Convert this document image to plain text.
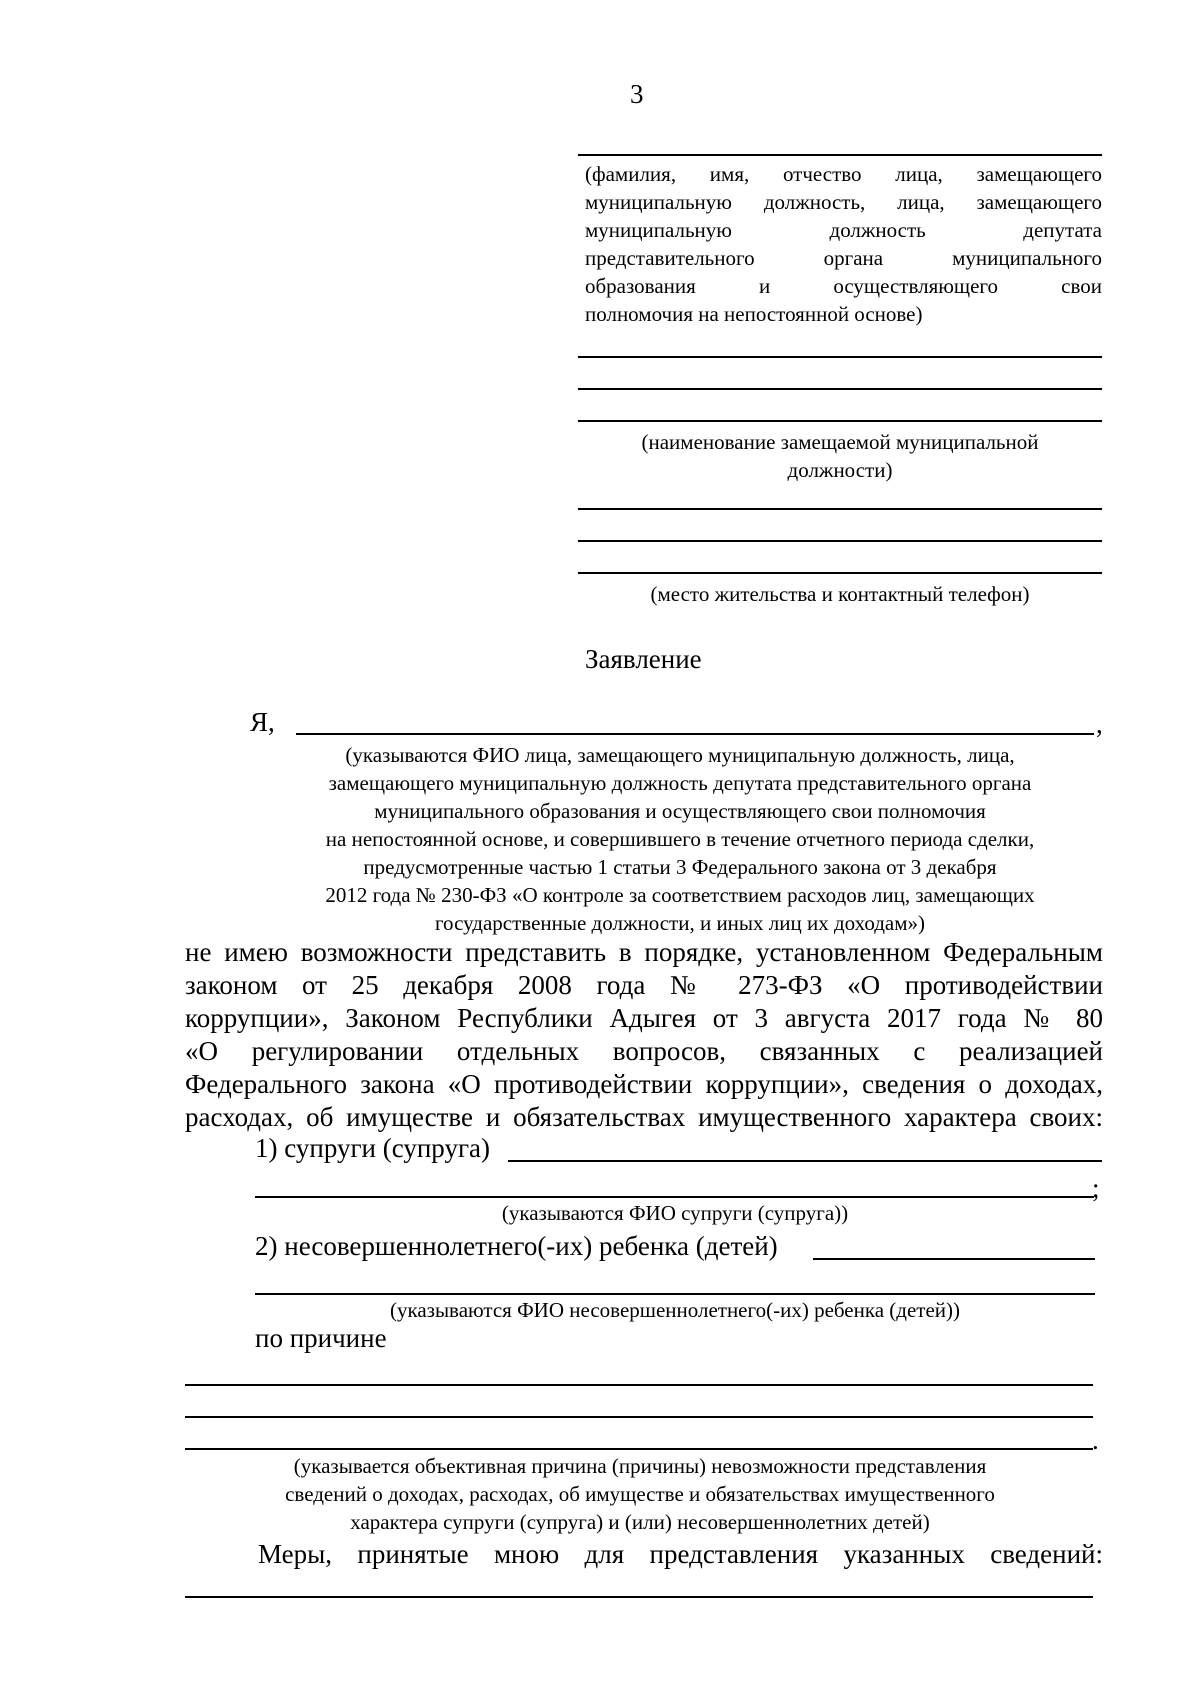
3
(фамилия, имя, отчество лица, замещающего
муниципальную должность, лица, замещающего
муниципальную должность депутата
представительного органа муниципального
образования и осуществляющего свои
полномочия на непостоянной основе)
(наименование замещаемой муниципальной
должности)
(место жительства и контактный телефон)
Заявление
Я,	,
(указываются ФИО лица, замещающего муниципальную должность, лица,
замещающего муниципальную должность депутата представительного органа
муниципального образования и осуществляющего свои полномочия
на непостоянной основе, и совершившего в течение отчетного периода сделки,
предусмотренные частью 1 статьи 3 Федерального закона от 3 декабря
2012 года № 230-ФЗ «О контроле за соответствием расходов лиц, замещающих
государственные должности, и иных лиц их доходам»)
не имею возможности представить в порядке, установленном Федеральным
законом от 25 декабря 2008 года № 273-ФЗ «О противодействии
коррупции», Законом Республики Адыгея от 3 августа 2017 года № 80
«О регулировании отдельных вопросов, связанных с реализацией
Федерального закона «О противодействии коррупции», сведения о доходах,
расходах, об имуществе и обязательствах имущественного характера своих:
1) супруги (супруга)
;
(указываются ФИО супруги (супруга))
2) несовершеннолетнего(-их) ребенка (детей)
(указываются ФИО несовершеннолетнего(-их) ребенка (детей))
по причине
.
(указывается объективная причина (причины) невозможности представления
сведений о доходах, расходах, об имуществе и обязательствах имущественного
характера супруги (супруга) и (или) несовершеннолетних детей)
Меры, принятые мною для представления указанных сведений:
